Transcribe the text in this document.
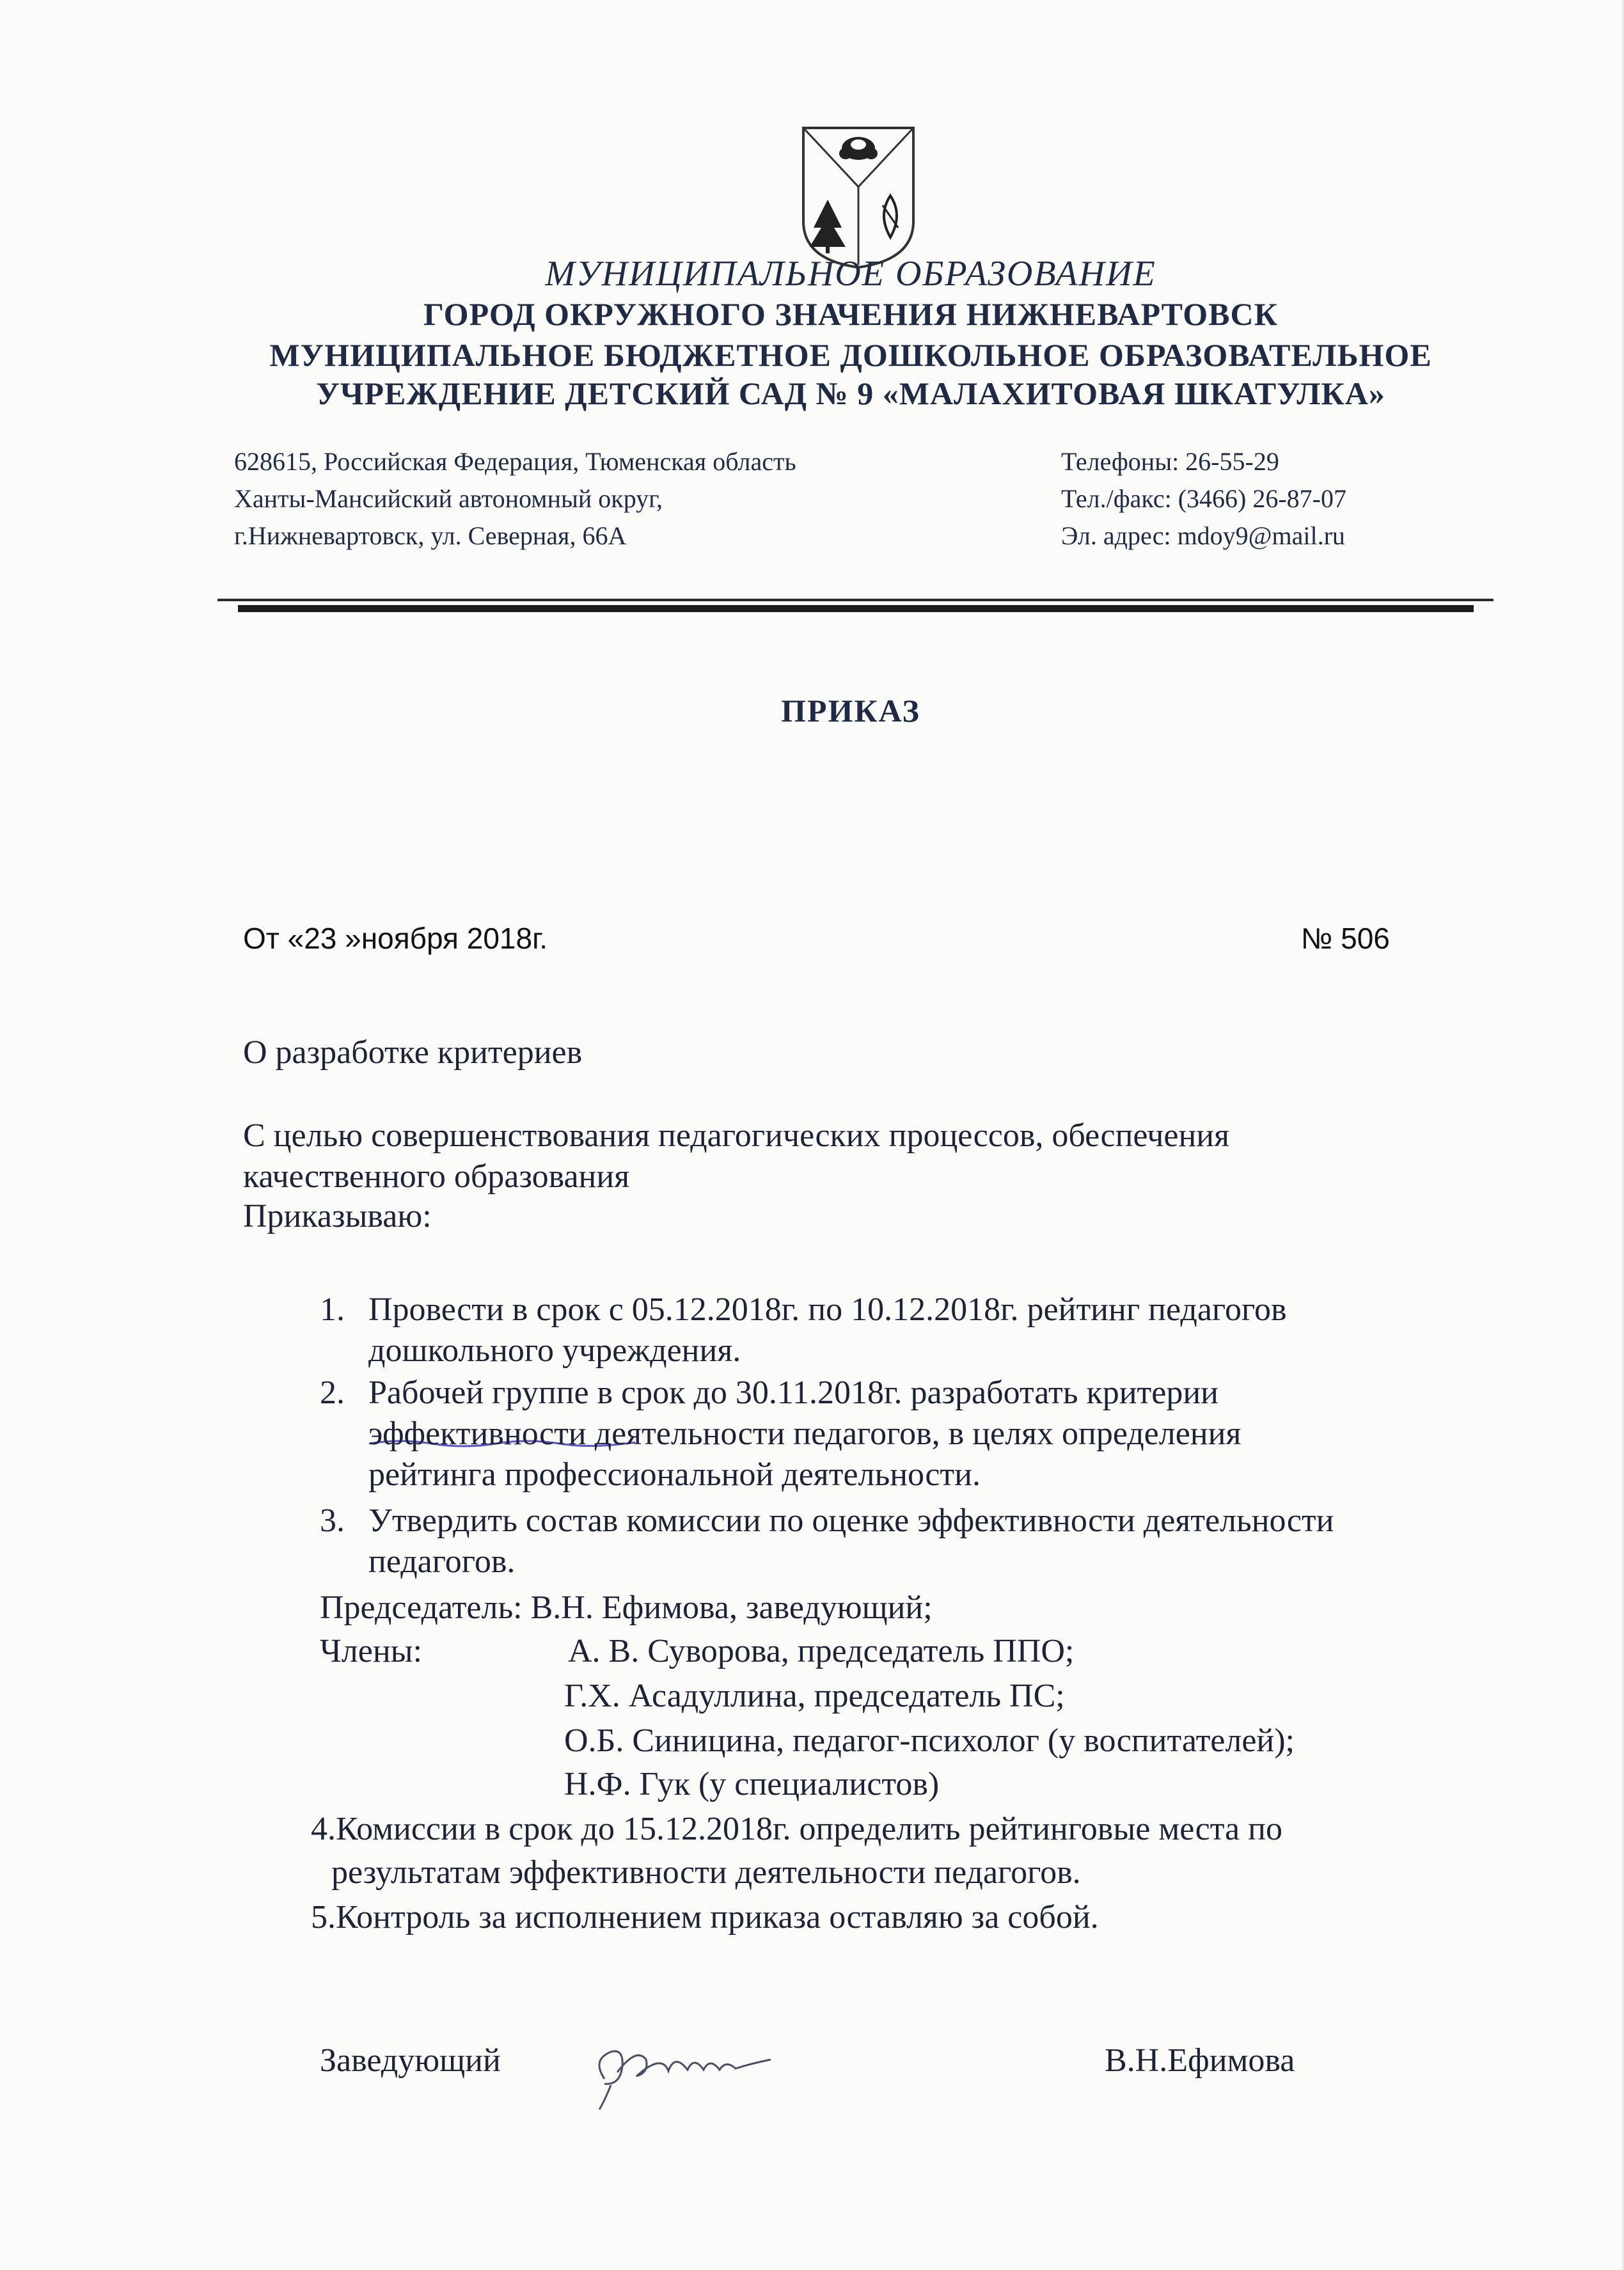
МУНИЦИПАЛЬНОЕ ОБРАЗОВАНИЕ
ГОРОД ОКРУЖНОГО ЗНАЧЕНИЯ НИЖНЕВАРТОВСК
МУНИЦИПАЛЬНОЕ БЮДЖЕТНОЕ ДОШКОЛЬНОЕ ОБРАЗОВАТЕЛЬНОЕ
УЧРЕЖДЕНИЕ ДЕТСКИЙ САД № 9 «МАЛАХИТОВАЯ ШКАТУЛКА»
628615, Российская Федерация, Тюменская область
Ханты-Мансийский автономный округ,
г.Нижневартовск, ул. Северная, 66А
Телефоны: 26-55-29
Тел./факс: (3466) 26-87-07
Эл. адрес: mdoy9@mail.ru
ПРИКАЗ
От «23 »ноября 2018г.	№ 506
О разработке критериев
С целью совершенствования педагогических процессов, обеспечения
качественного образования
Приказываю:
1. Провести в срок с 05.12.2018г. по 10.12.2018г. рейтинг педагогов
дошкольного учреждения.
2. Рабочей группе в срок до 30.11.2018г. разработать критерии
эффективности деятельности педагогов, в целях определения
рейтинга профессиональной деятельности.
3. Утвердить состав комиссии по оценке эффективности деятельности
педагогов.
Председатель: В.Н. Ефимова, заведующий;
Члены:	А. В. Суворова, председатель ППО;
Г.Х. Асадуллина, председатель ПС;
О.Б. Синицина, педагог-психолог (у воспитателей);
Н.Ф. Гук (у специалистов)
4.Комиссии в срок до 15.12.2018г. определить рейтинговые места по
результатам эффективности деятельности педагогов.
5.Контроль за исполнением приказа оставляю за собой.
Заведующий	В.Н.Ефимова
